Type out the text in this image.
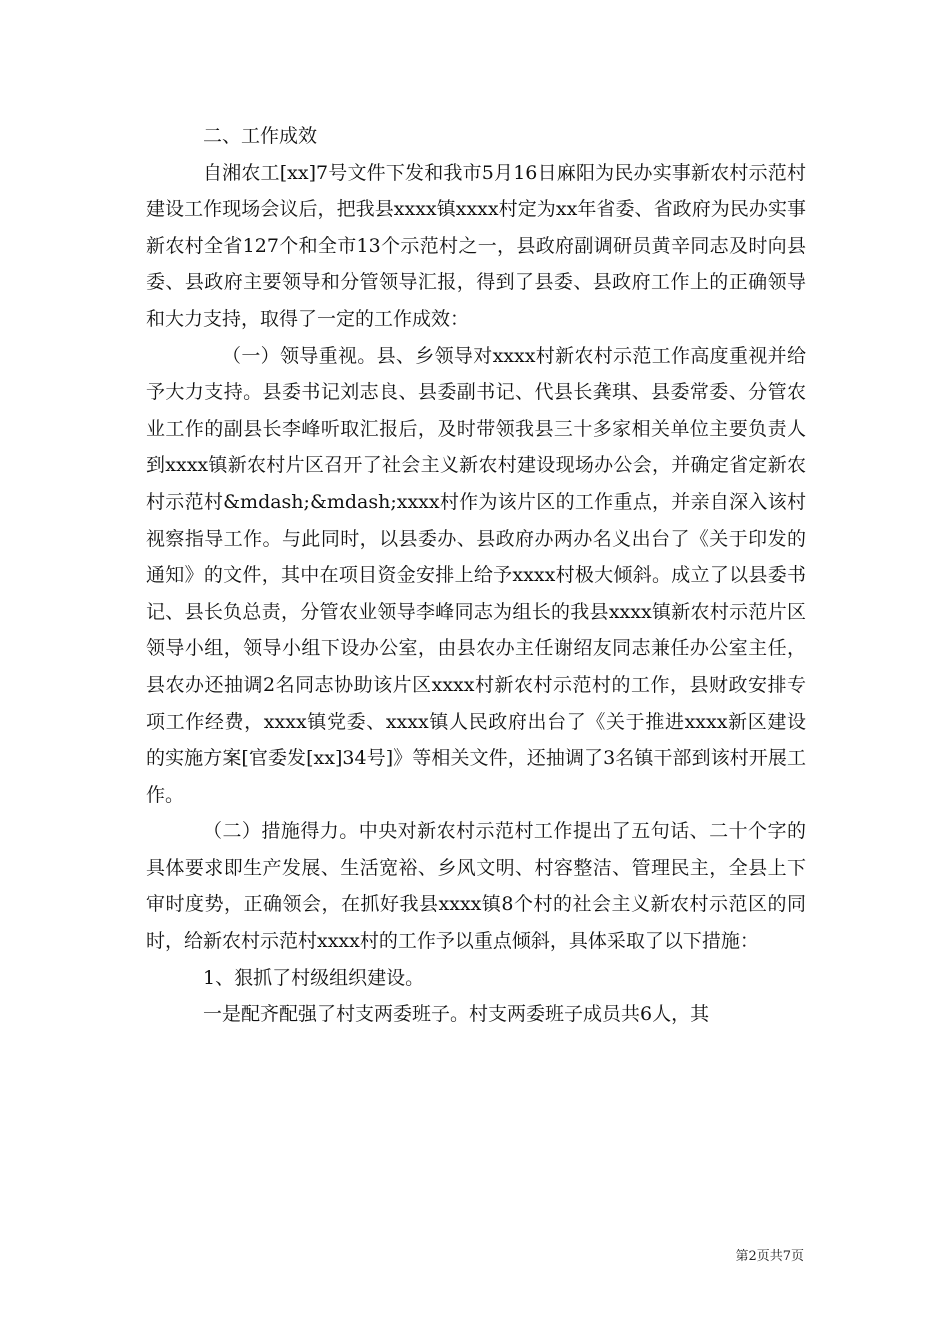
二、工作成效

自湘农工[xx]7号文件下发和我市5月16日麻阳为民办实事新农村示范村建设工作现场会议后，把我县xxxx镇xxxx村定为xx年省委、省政府为民办实事新农村全省127个和全市13个示范村之一，县政府副调研员黄辛同志及时向县委、县政府主要领导和分管领导汇报，得到了县委、县政府工作上的正确领导和大力支持，取得了一定的工作成效：

（一）领导重视。县、乡领导对xxxx村新农村示范工作高度重视并给予大力支持。县委书记刘志良、县委副书记、代县长龚琪、县委常委、分管农业工作的副县长李峰听取汇报后，及时带领我县三十多家相关单位主要负责人到xxxx镇新农村片区召开了社会主义新农村建设现场办公会，并确定省定新农村示范村&mdash;&mdash;xxxx村作为该片区的工作重点，并亲自深入该村视察指导工作。与此同时，以县委办、县政府办两办名义出台了《关于印发的通知》的文件，其中在项目资金安排上给予xxxx村极大倾斜。成立了以县委书记、县长负总责，分管农业领导李峰同志为组长的我县xxxx镇新农村示范片区领导小组，领导小组下设办公室，由县农办主任谢绍友同志兼任办公室主任，县农办还抽调2名同志协助该片区xxxx村新农村示范村的工作，县财政安排专项工作经费，xxxx镇党委、xxxx镇人民政府出台了《关于推进xxxx新区建设的实施方案[官委发[xx]34号]》等相关文件，还抽调了3名镇干部到该村开展工作。

（二）措施得力。中央对新农村示范村工作提出了五句话、二十个字的具体要求即生产发展、生活宽裕、乡风文明、村容整洁、管理民主，全县上下审时度势，正确领会，在抓好我县xxxx镇8个村的社会主义新农村示范区的同时，给新农村示范村xxxx村的工作予以重点倾斜，具体采取了以下措施：

1、狠抓了村级组织建设。

一是配齐配强了村支两委班子。村支两委班子成员共6人，其

第2页共7页
